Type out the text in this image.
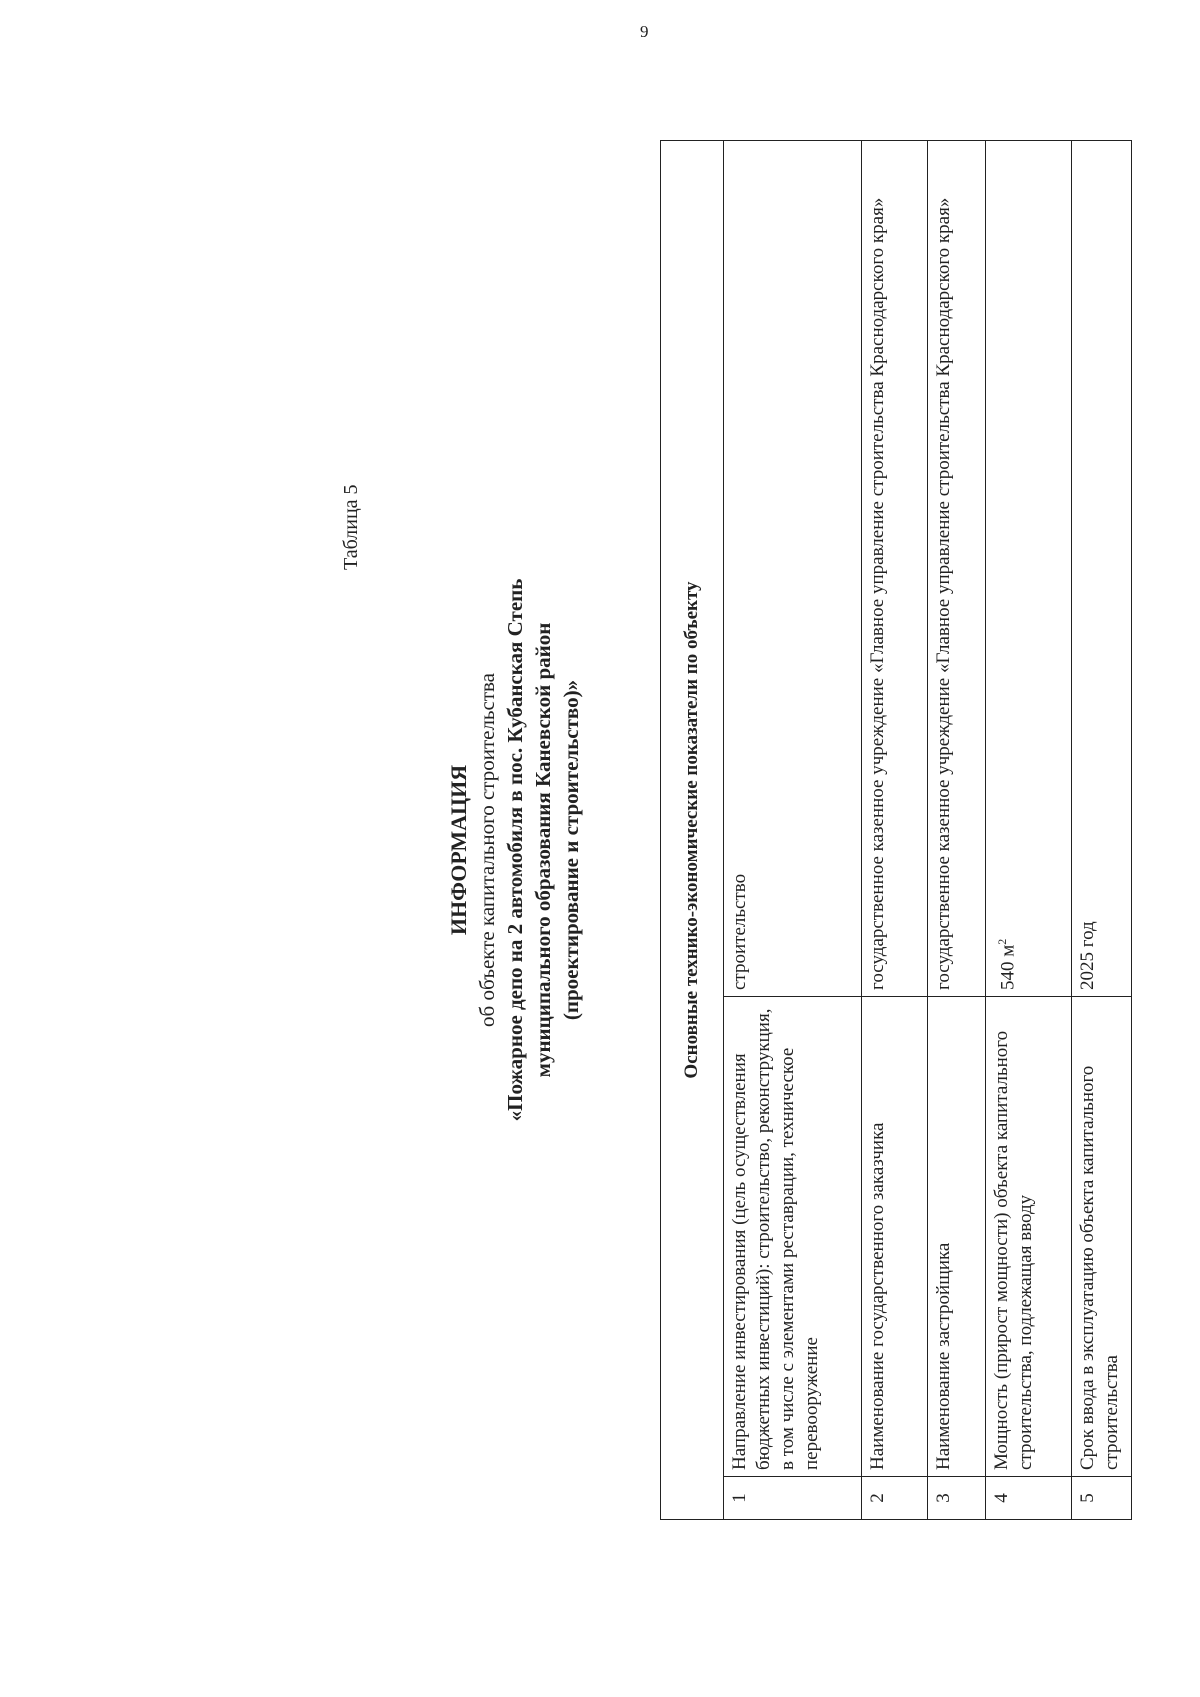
9
Таблица 5
ИНФОРМАЦИЯ об объекте капитального строительства «Пожарное депо на 2 автомобиля в пос. Кубанская Степь муниципального образования Каневской район (проектирование и строительство)»	Основные технико-экономические показатели по объекту		
1	Направление инвестирования (цель осуществления бюджетных инвестиций): строительство, реконструкция, в том числе с элементами реставрации, техническое перевооружение	строительство
2	Наименование государственного заказчика	государственное казенное учреждение «Главное управление строительства Краснодарского края»
3	Наименование застройщика	государственное казенное учреждение «Главное управление строительства Краснодарского края»
4	Мощность (прирост мощности) объекта капитального строительства, подлежащая вводу	540 $м^2$
5	Срок ввода в эксплуатацию объекта капитального строительства	2025 год
